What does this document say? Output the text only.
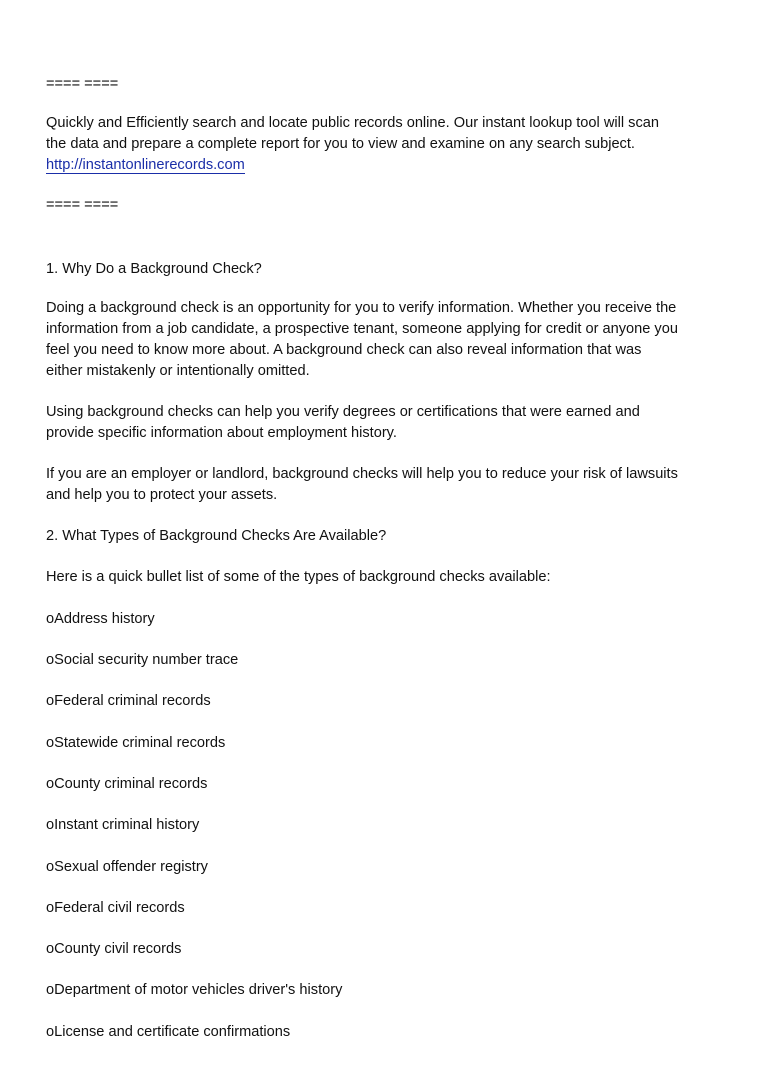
==== ====
Quickly and Efficiently search and locate public records online. Our instant lookup tool will scan
the data and prepare a complete report for you to view and examine on any search subject.
http://instantonlinerecords.com
==== ====
1. Why Do a Background Check?
Doing a background check is an opportunity for you to verify information. Whether you receive the
information from a job candidate, a prospective tenant, someone applying for credit or anyone you
feel you need to know more about. A background check can also reveal information that was
either mistakenly or intentionally omitted.
Using background checks can help you verify degrees or certifications that were earned and
provide specific information about employment history.
If you are an employer or landlord, background checks will help you to reduce your risk of lawsuits
and help you to protect your assets.
2. What Types of Background Checks Are Available?
Here is a quick bullet list of some of the types of background checks available:
oAddress history
oSocial security number trace
oFederal criminal records
oStatewide criminal records
oCounty criminal records
oInstant criminal history
oSexual offender registry
oFederal civil records
oCounty civil records
oDepartment of motor vehicles driver's history
oLicense and certificate confirmations
